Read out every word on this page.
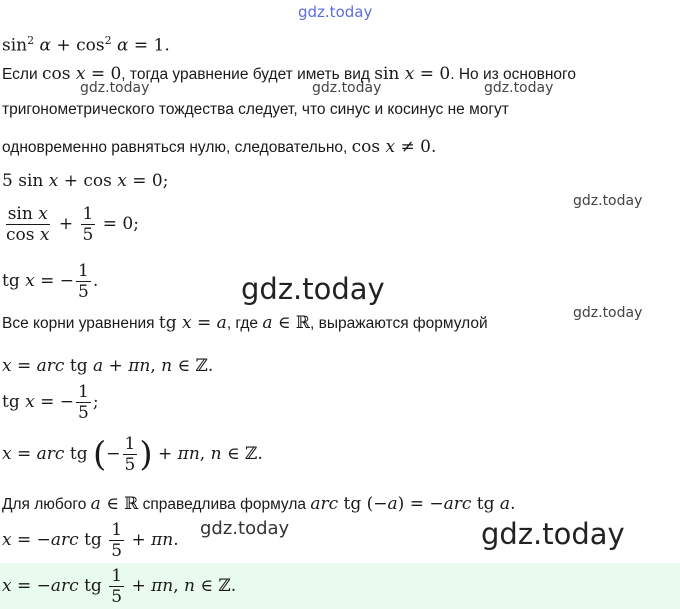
gdz.today
gdz.today	gdz.today	gdz.today
gdz.today
gdz.today
gdz.today
gdz.today	gdz.today
$\sin^2 \alpha + \cos^2 \alpha = 1$.
Если cos x = 0, тогда уравнение будет иметь вид sin x = 0. Но из основного
тригонометрического тождества следует, что синус и косинус не могут
одновременно равняться нулю, следовательно, cos x ≠ 0.
5 sin x + cos x = 0;
$\frac{\text{sin x}}{\text{cos x}} + \frac{1}{5} = 0$;
tg x = − $\frac{1}{5}$ .
Все корни уравнения tg x = a, где a ∈ ℝ, выражаются формулой
x = arc tg a + πn, n ∈ ℤ.
tg x = − $\frac{1}{5}$ ;
x = arc tg (− $\frac{1}{5}$ ) + πn, n ∈ ℤ.
Для любого a ∈ ℝ справедлива формула arc tg (−a) = −arc tg a.
x = −arc tg $\frac{1}{5} + \pi n$.
x = −arc tg $\frac{1}{5} + \pi n$, n ∈ ℤ.
